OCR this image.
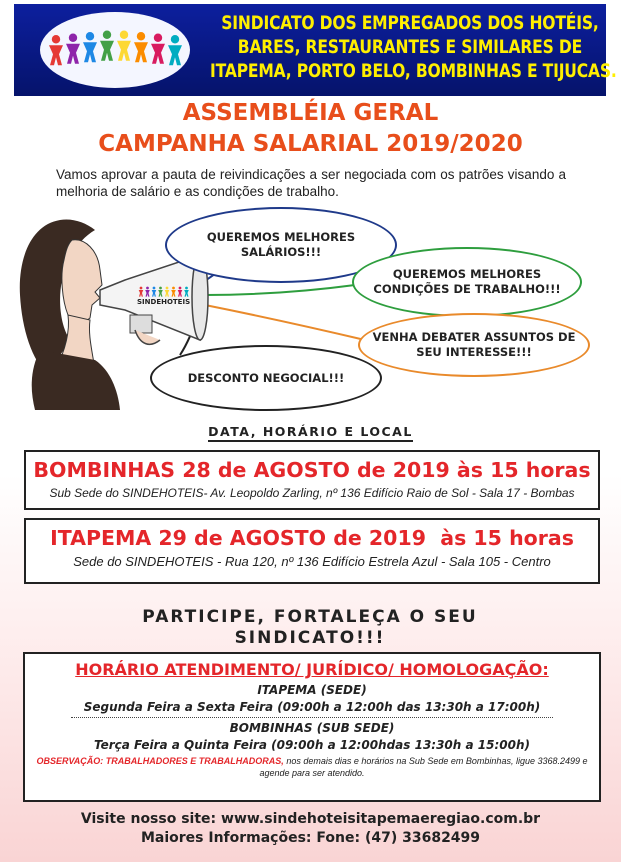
SINDICATO DOS EMPREGADOS DOS HOTÉIS,
BARES, RESTAURANTES E SIMILARES DE
ITAPEMA, PORTO BELO, BOMBINHAS E TIJUCAS.
ASSEMBLÉIA GERAL
CAMPANHA SALARIAL 2019/2020
Vamos aprovar a pauta de reivindicações a ser negociada com os patrões visando a melhoria de salário e as condições de trabalho.
SINDEHOTEIS
QUEREMOS MELHORES SALÁRIOS!!!
QUEREMOS MELHORES CONDIÇÕES DE TRABALHO!!!
VENHA DEBATER ASSUNTOS DE SEU INTERESSE!!!
DESCONTO NEGOCIAL!!!
DATA, HORÁRIO E LOCAL
BOMBINHAS 28 de AGOSTO de 2019 às 15 horas
Sub Sede do SINDEHOTEIS- Av. Leopoldo Zarling, nº 136 Edifício Raio de Sol - Sala 17 - Bombas
ITAPEMA 29 de AGOSTO de 2019  às 15 horas
Sede do SINDEHOTEIS - Rua 120, nº 136 Edifício Estrela Azul - Sala 105 - Centro
PARTICIPE, FORTALEÇA O SEU SINDICATO!!!
HORÁRIO ATENDIMENTO/ JURÍDICO/ HOMOLOGAÇÃO:
ITAPEMA (SEDE)
Segunda Feira a Sexta Feira (09:00h a 12:00h das 13:30h a 17:00h)
BOMBINHAS (SUB SEDE)
Terça Feira a Quinta Feira (09:00h a 12:00hdas 13:30h a 15:00h)
OBSERVAÇÃO: TRABALHADORES E TRABALHADORAS, nos demais dias e horários na Sub Sede em Bombinhas, ligue 3368.2499 e agende para ser atendido.
Visite nosso site: www.sindehoteisitapemaeregiao.com.br
Maiores Informações: Fone: (47) 33682499
